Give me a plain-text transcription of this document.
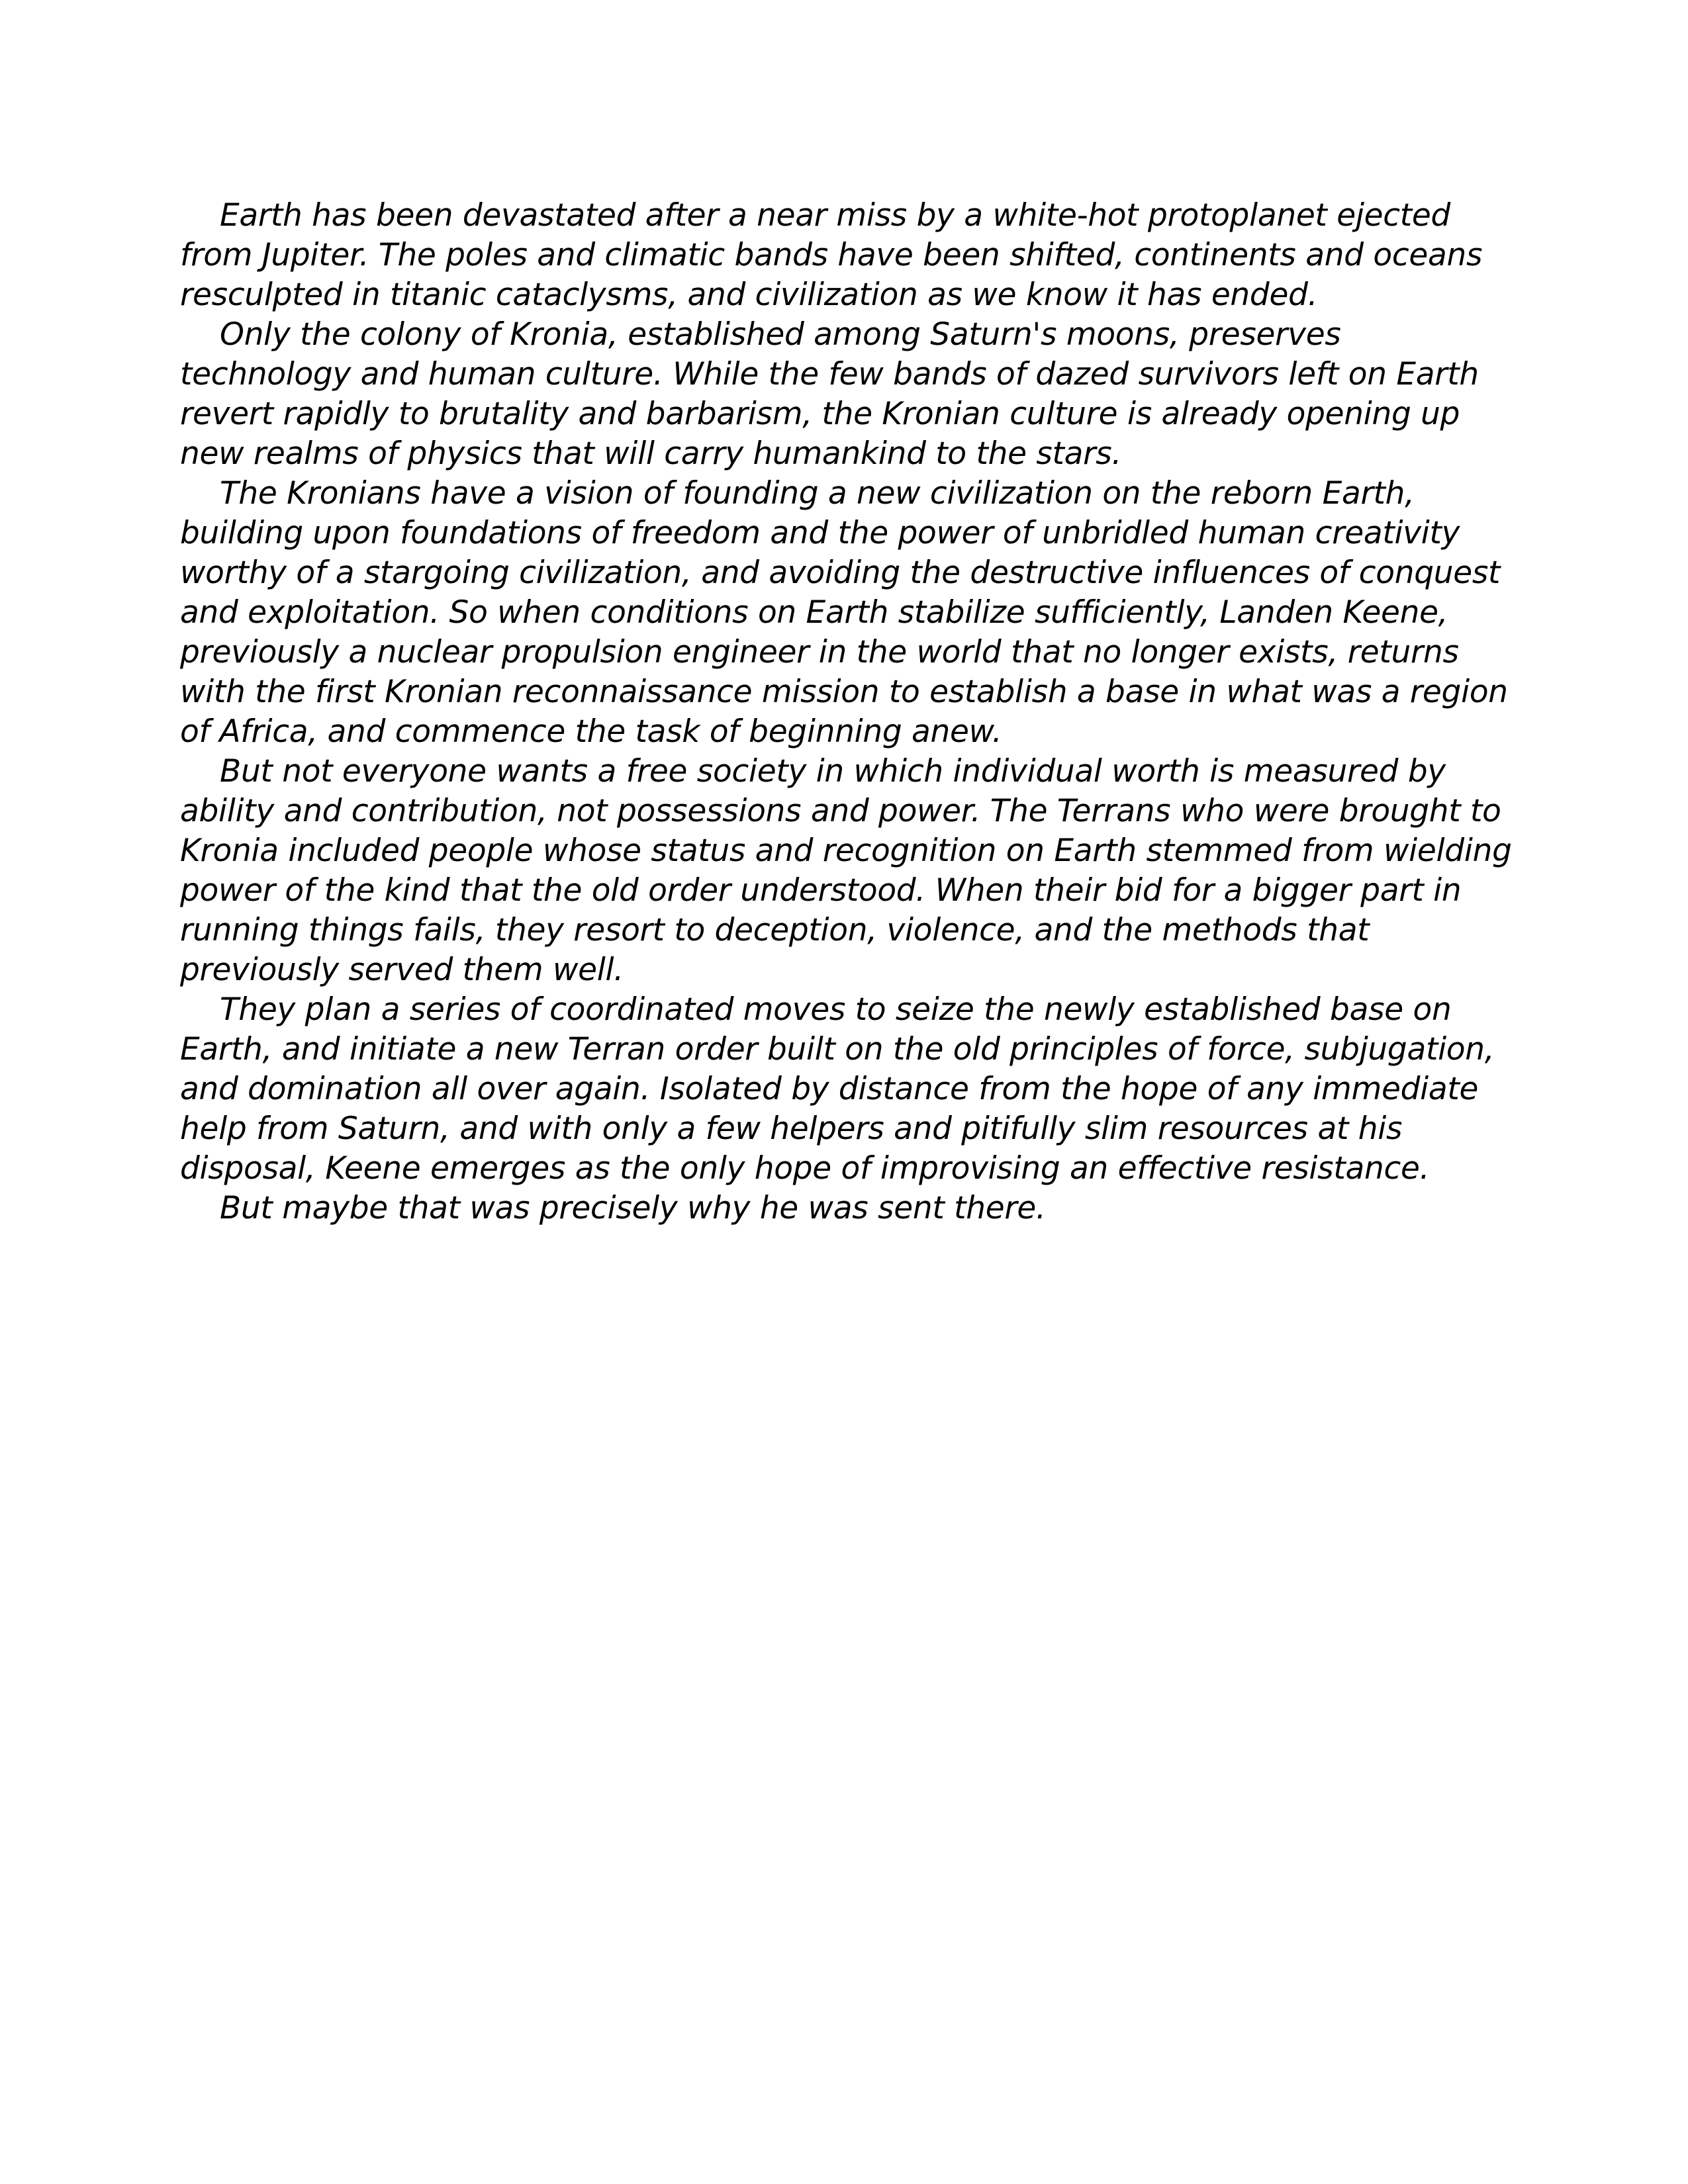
Earth has been devastated after a near miss by a white-hot protoplanet ejected from Jupiter. The poles and climatic bands have been shifted, continents and oceans resculpted in titanic cataclysms, and civilization as we know it has ended.

Only the colony of Kronia, established among Saturn's moons, preserves technology and human culture. While the few bands of dazed survivors left on Earth revert rapidly to brutality and barbarism, the Kronian culture is already opening up new realms of physics that will carry humankind to the stars.

The Kronians have a vision of founding a new civilization on the reborn Earth, building upon foundations of freedom and the power of unbridled human creativity worthy of a stargoing civilization, and avoiding the destructive influences of conquest and exploitation. So when conditions on Earth stabilize sufficiently, Landen Keene, previously a nuclear propulsion engineer in the world that no longer exists, returns with the first Kronian reconnaissance mission to establish a base in what was a region of Africa, and commence the task of beginning anew.

But not everyone wants a free society in which individual worth is measured by ability and contribution, not possessions and power. The Terrans who were brought to Kronia included people whose status and recognition on Earth stemmed from wielding power of the kind that the old order understood. When their bid for a bigger part in running things fails, they resort to deception, violence, and the methods that previously served them well.

They plan a series of coordinated moves to seize the newly established base on Earth, and initiate a new Terran order built on the old principles of force, subjugation, and domination all over again. Isolated by distance from the hope of any immediate help from Saturn, and with only a few helpers and pitifully slim resources at his disposal, Keene emerges as the only hope of improvising an effective resistance.

But maybe that was precisely why he was sent there.
